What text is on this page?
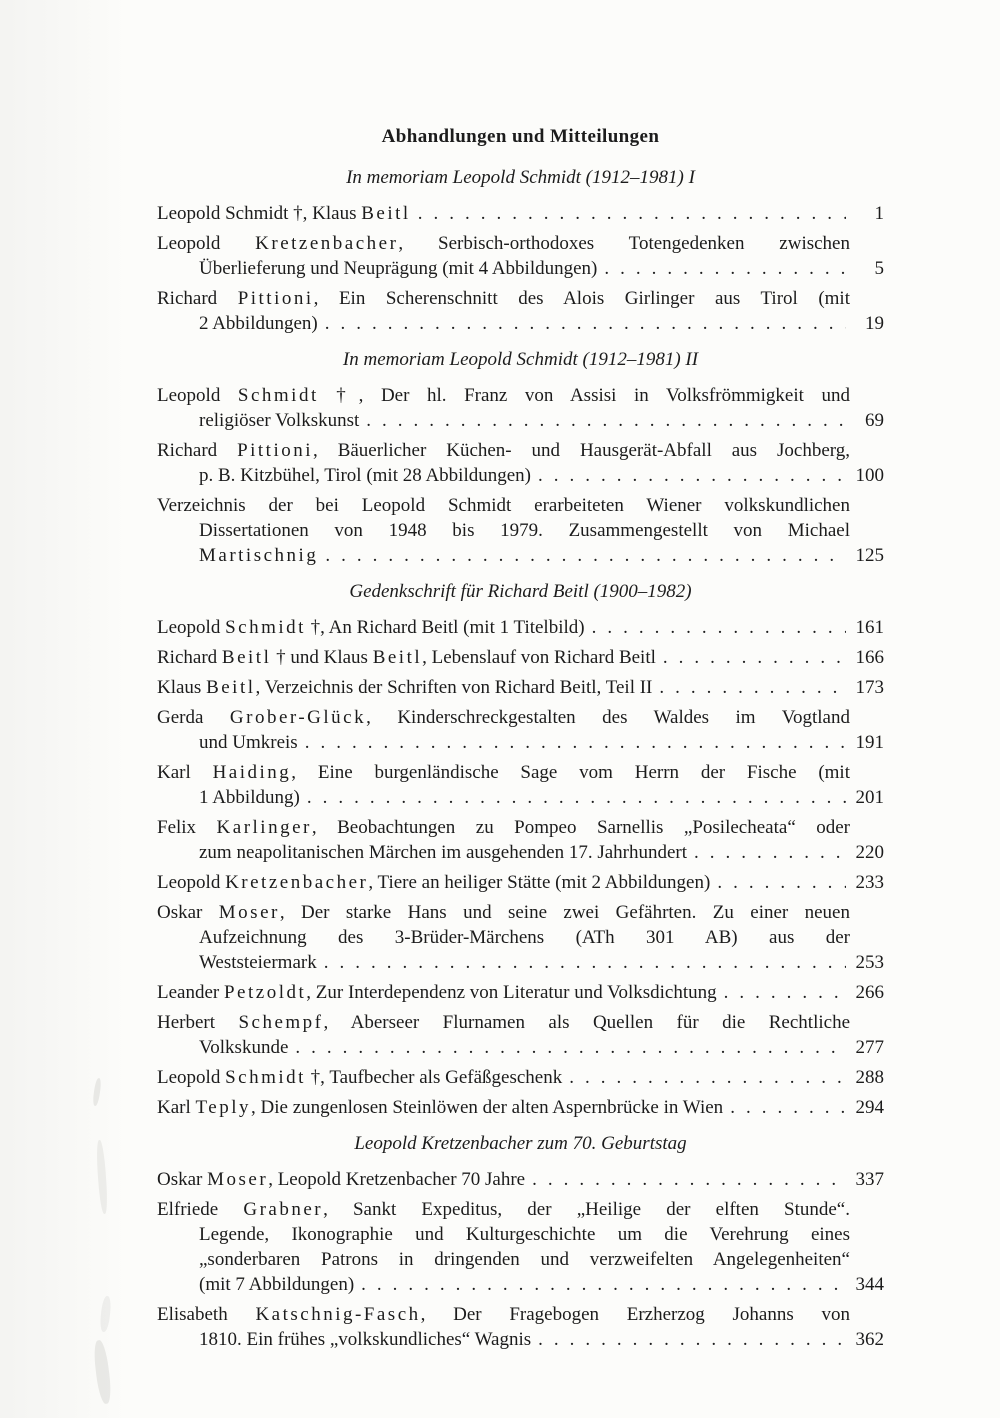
Abhandlungen und Mitteilungen
In memoriam Leopold Schmidt (1912–1981) I
Leopold Schmidt †, Klaus Beitl .....	1
Leopold Kretzenbacher, Serbisch-orthodoxes Totengedenken zwischen
Überlieferung und Neuprägung (mit 4 Abbildungen) .....	5
Richard Pittioni, Ein Scherenschnitt des Alois Girlinger aus Tirol (mit
2 Abbildungen) .....	19
In memoriam Leopold Schmidt (1912–1981) II
Leopold Schmidt †, Der hl. Franz von Assisi in Volksfrömmigkeit und
religiöser Volkskunst .....	69
Richard Pittioni, Bäuerlicher Küchen- und Hausgerät-Abfall aus Jochberg,
p. B. Kitzbühel, Tirol (mit 28 Abbildungen) .....	100
Verzeichnis der bei Leopold Schmidt erarbeiteten Wiener volkskundlichen
Dissertationen von 1948 bis 1979. Zusammengestellt von Michael
Martischnig .....	125
Gedenkschrift für Richard Beitl (1900–1982)
Leopold Schmidt †, An Richard Beitl (mit 1 Titelbild) .....	161
Richard Beitl † und Klaus Beitl, Lebenslauf von Richard Beitl .....	166
Klaus Beitl, Verzeichnis der Schriften von Richard Beitl, Teil II .....	173
Gerda Grober-Glück, Kinderschreckgestalten des Waldes im Vogtland
und Umkreis .....	191
Karl Haiding, Eine burgenländische Sage vom Herrn der Fische (mit
1 Abbildung) .....	201
Felix Karlinger, Beobachtungen zu Pompeo Sarnellis „Posilecheata“ oder
zum neapolitanischen Märchen im ausgehenden 17. Jahrhundert .....	220
Leopold Kretzenbacher, Tiere an heiliger Stätte (mit 2 Abbildungen) .....	233
Oskar Moser, Der starke Hans und seine zwei Gefährten. Zu einer neuen
Aufzeichnung des 3-Brüder-Märchens (ATh 301 AB) aus der
Weststeiermark .....	253
Leander Petzoldt, Zur Interdependenz von Literatur und Volksdichtung .....	266
Herbert Schempf, Aberseer Flurnamen als Quellen für die Rechtliche
Volkskunde .....	277
Leopold Schmidt †, Taufbecher als Gefäßgeschenk .....	288
Karl Teply, Die zungenlosen Steinlöwen der alten Aspernbrücke in Wien .....	294
Leopold Kretzenbacher zum 70. Geburtstag
Oskar Moser, Leopold Kretzenbacher 70 Jahre .....	337
Elfriede Grabner, Sankt Expeditus, der „Heilige der elften Stunde“.
Legende, Ikonographie und Kulturgeschichte um die Verehrung eines
„sonderbaren Patrons in dringenden und verzweifelten Angelegenheiten“
(mit 7 Abbildungen) .....	344
Elisabeth Katschnig-Fasch, Der Fragebogen Erzherzog Johanns von
1810. Ein frühes „volkskundliches“ Wagnis .....	362
